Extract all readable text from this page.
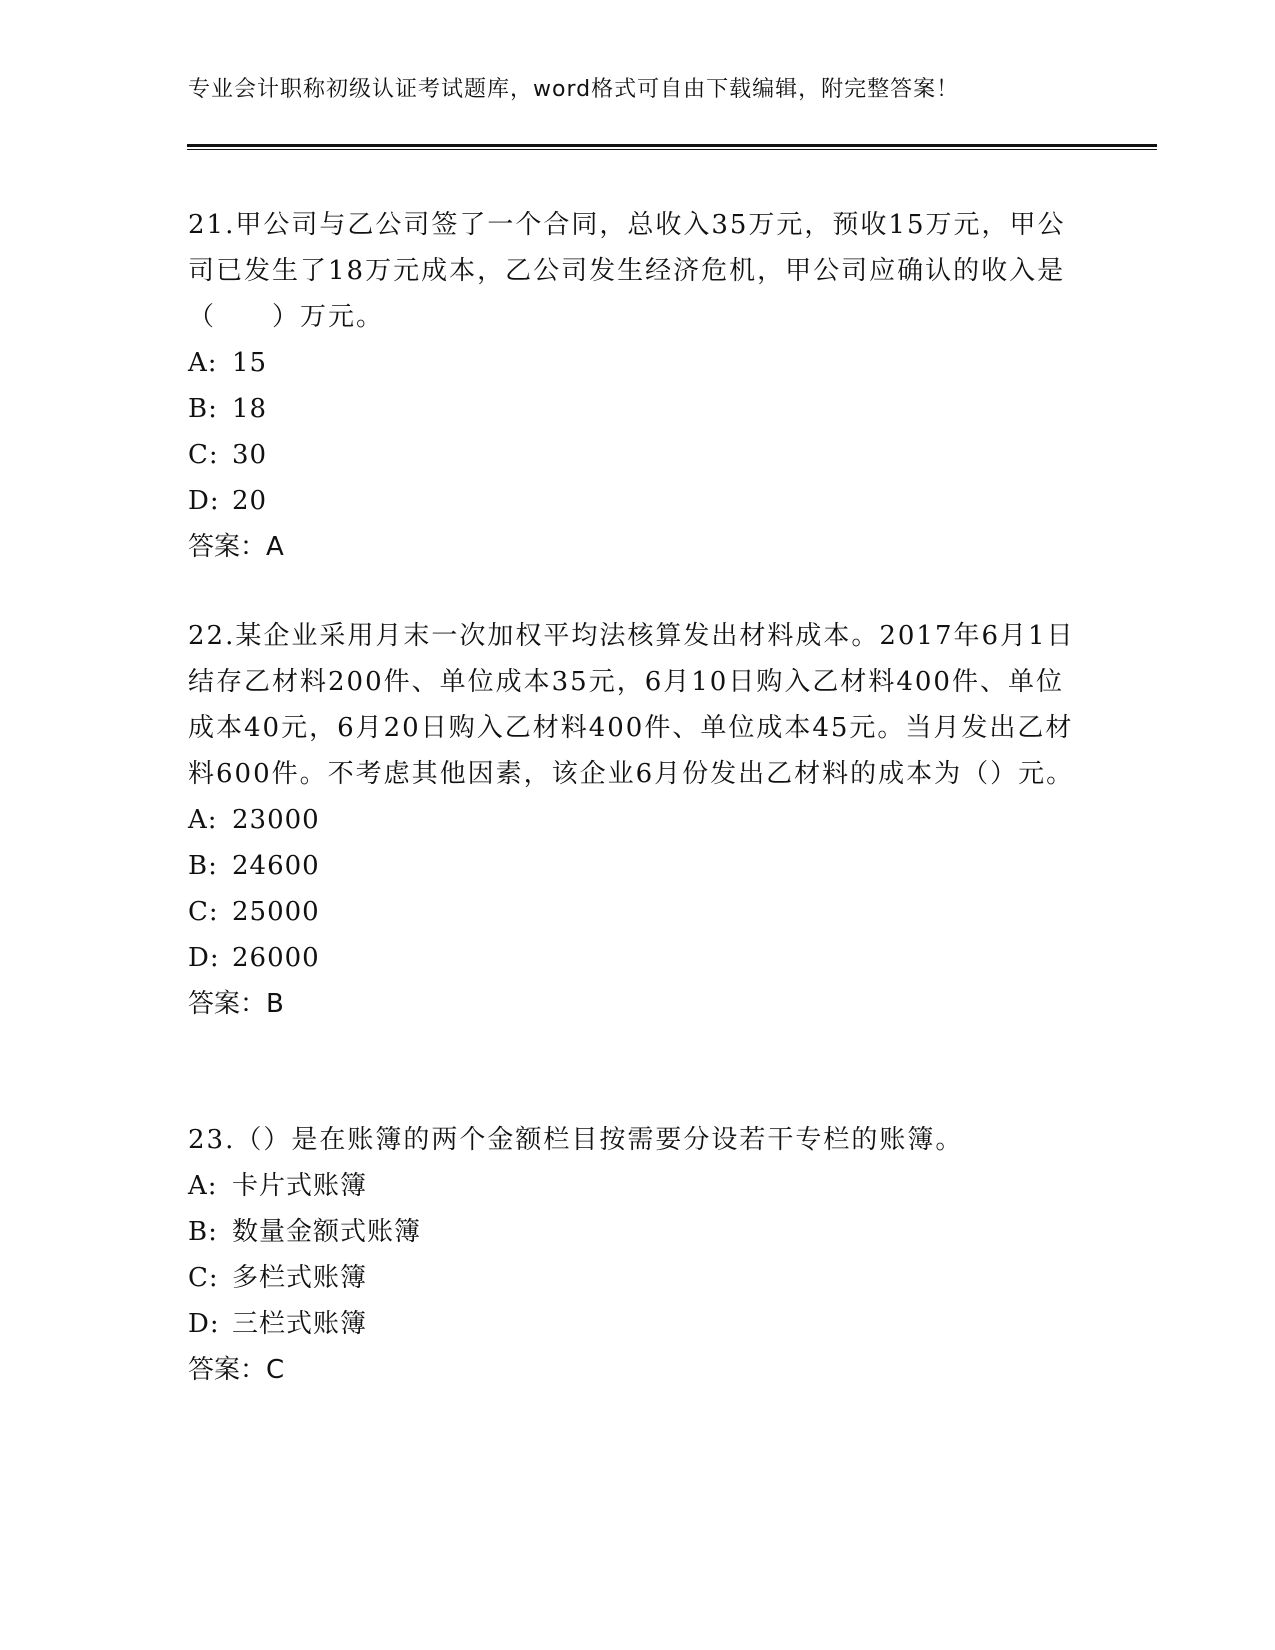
专业会计职称初级认证考试题库，word格式可自由下载编辑，附完整答案！

21.甲公司与乙公司签了一个合同，总收入35万元，预收15万元，甲公司已发生了18万元成本，乙公司发生经济危机，甲公司应确认的收入是（　　）万元。

A: 15

B: 18

C: 30

D: 20

答案：A

22.某企业采用月末一次加权平均法核算发出材料成本。2017年6月1日结存乙材料200件、单位成本35元，6月10日购入乙材料400件、单位成本40元，6月20日购入乙材料400件、单位成本45元。当月发出乙材料600件。不考虑其他因素，该企业6月份发出乙材料的成本为（）元。

A: 23000

B: 24600

C: 25000

D: 26000

答案：B

23.（）是在账簿的两个金额栏目按需要分设若干专栏的账簿。

A: 卡片式账簿

B: 数量金额式账簿

C: 多栏式账簿

D: 三栏式账簿

答案：C
